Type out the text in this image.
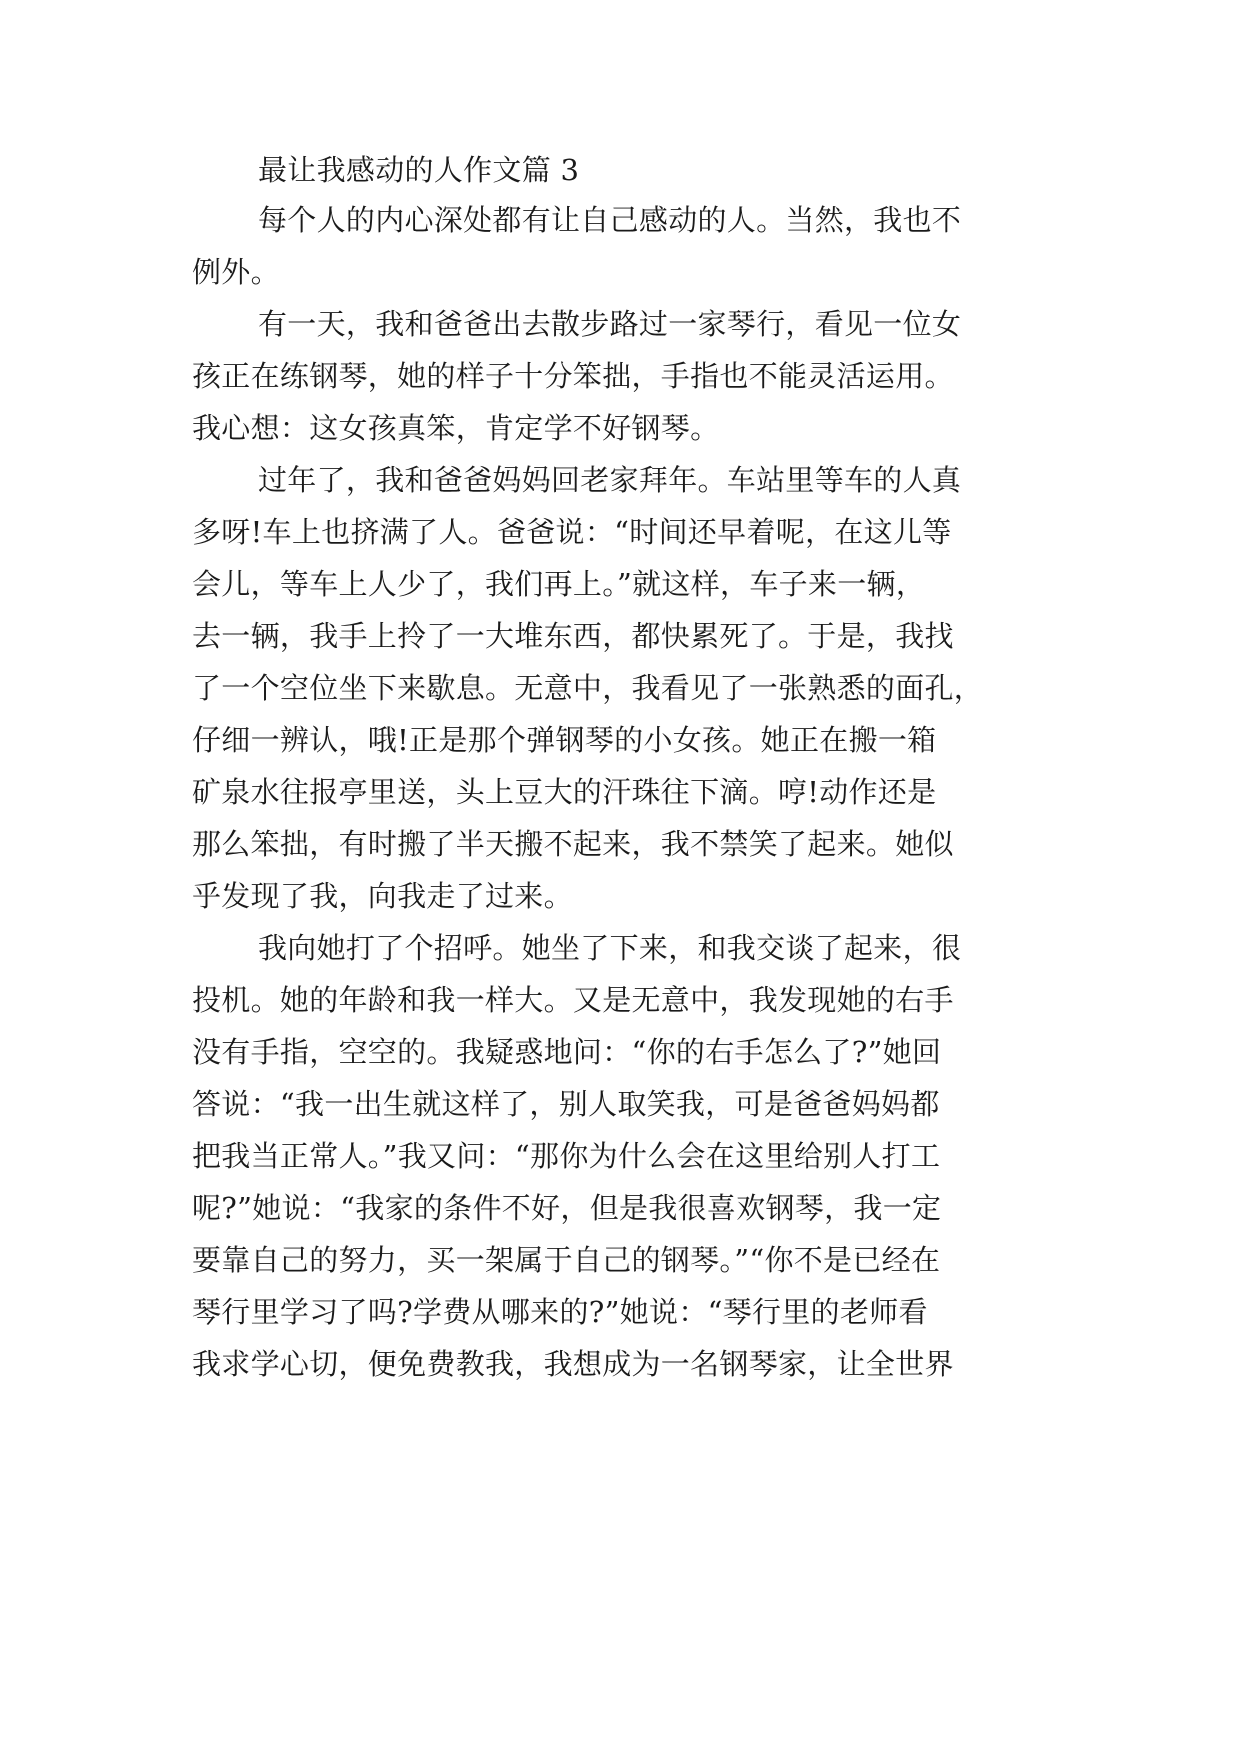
最让我感动的人作文篇 3
每个人的内心深处都有让自己感动的人。当然，我也不
例外。
有一天，我和爸爸出去散步路过一家琴行，看见一位女
孩正在练钢琴，她的样子十分笨拙，手指也不能灵活运用。
我心想：这女孩真笨，肯定学不好钢琴。
过年了，我和爸爸妈妈回老家拜年。车站里等车的人真
多呀!车上也挤满了人。爸爸说：“时间还早着呢，在这儿等
会儿，等车上人少了，我们再上。”就这样，车子来一辆，
去一辆，我手上拎了一大堆东西，都快累死了。于是，我找
了一个空位坐下来歇息。无意中，我看见了一张熟悉的面孔，
仔细一辨认，哦!正是那个弹钢琴的小女孩。她正在搬一箱
矿泉水往报亭里送，头上豆大的汗珠往下滴。哼!动作还是
那么笨拙，有时搬了半天搬不起来，我不禁笑了起来。她似
乎发现了我，向我走了过来。
我向她打了个招呼。她坐了下来，和我交谈了起来，很
投机。她的年龄和我一样大。又是无意中，我发现她的右手
没有手指，空空的。我疑惑地问：“你的右手怎么了?”她回
答说：“我一出生就这样了，别人取笑我，可是爸爸妈妈都
把我当正常人。”我又问：“那你为什么会在这里给别人打工
呢?”她说：“我家的条件不好，但是我很喜欢钢琴，我一定
要靠自己的努力，买一架属于自己的钢琴。”“你不是已经在
琴行里学习了吗?学费从哪来的?”她说：“琴行里的老师看
我求学心切，便免费教我，我想成为一名钢琴家，让全世界
